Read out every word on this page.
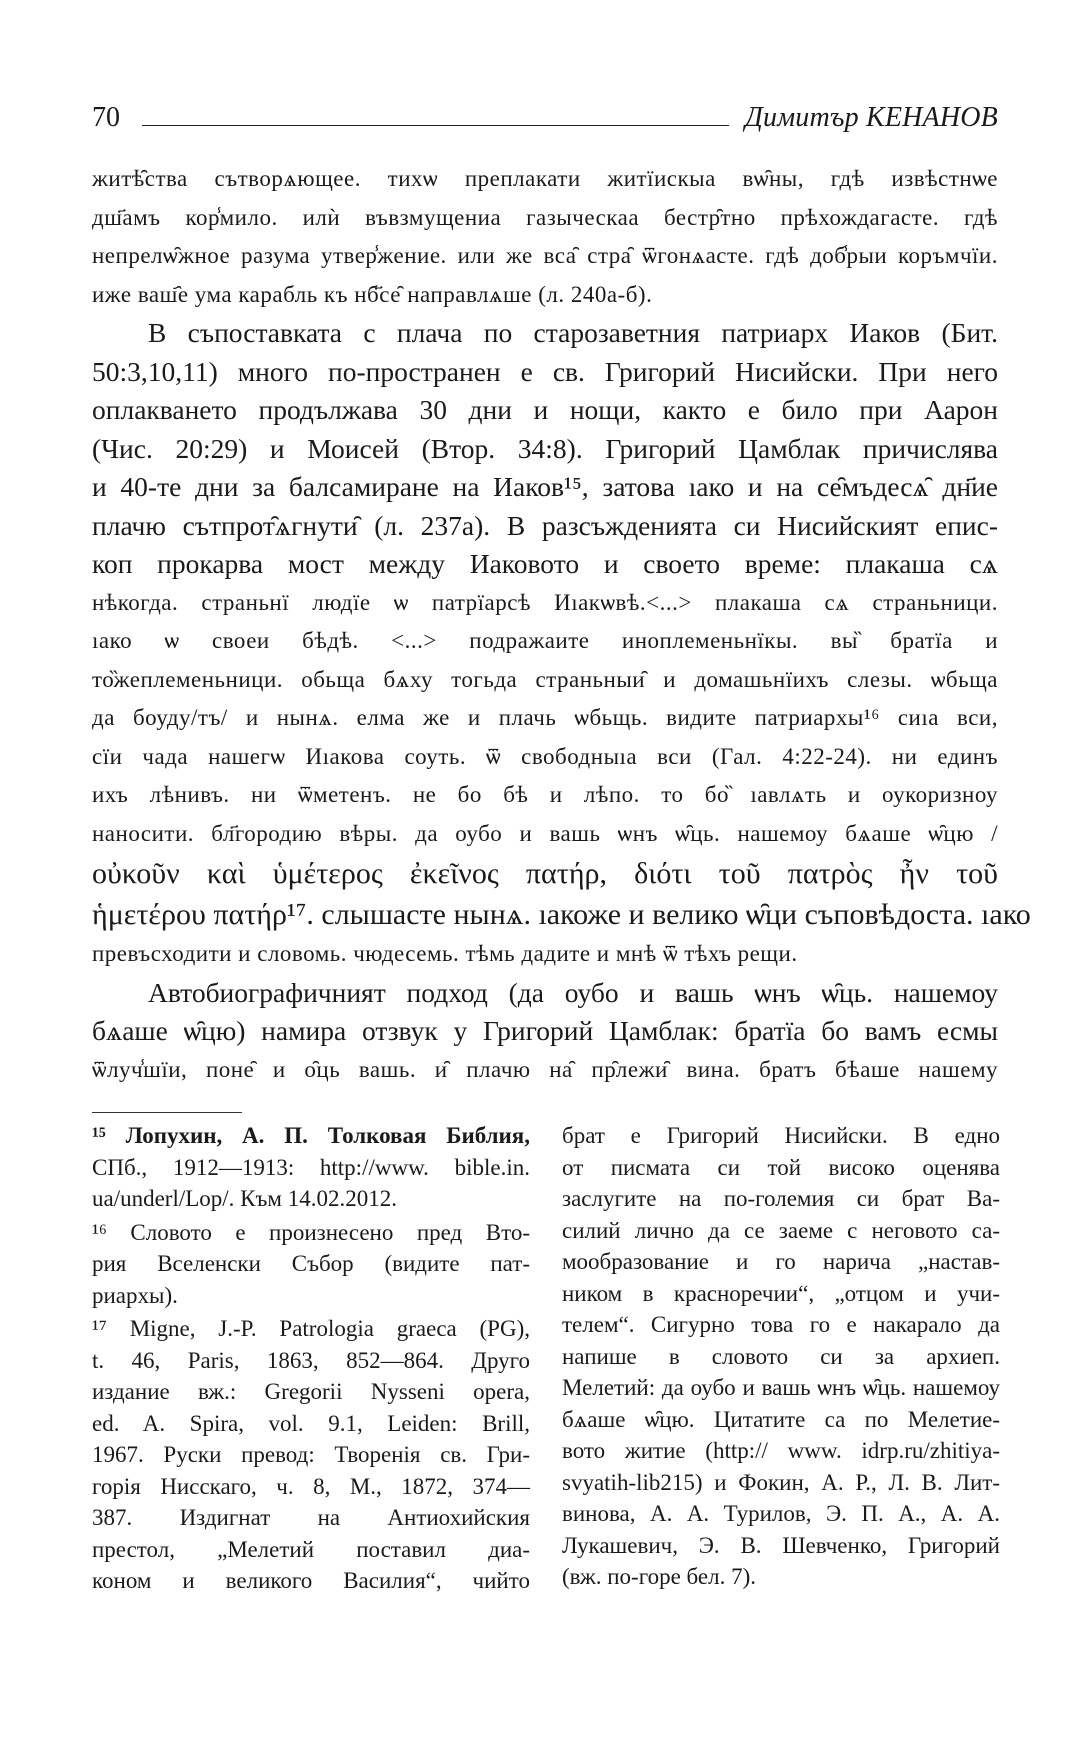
70	Димитър КЕНАНОВ
житѣ̑ства сътворѧющее. тихѡ преплакати житїискыа вѡ̑ны, гдѣ извѣстнѡе
дш҃амъ кор̾мило. илѝ въвзмущениа газыческаа бестр̑тно прѣхождагасте. гдѣ
непрелѡ̑жное разума утвер̾жение. или же вса̑ стра̑ ѿгонѧасте. гдѣ доб̾рыи коръмчїи.
иже ваш҄е ума карабль къ нб҃се̑ направлѧше (л. 240а-б).
В съпоставката с плача по старозаветния патриарх Иаков (Бит.
50:3,10,11) много по-пространен е св. Григорий Нисийски. При него
оплакването продължава 30 дни и нощи, както е било при Аарон
(Чис. 20:29) и Моисей (Втор. 34:8). Григорий Цамблак причислява
и 40-те дни за балсамиране на Иаков¹⁵, затова ıако и на се̑мъдесѧ̑ дн҃ие
плачю сътпрот̑ѧгнути̑ (л. 237а). В разсъжденията си Нисийският епис-
коп прокарва мост между Иаковото и своето време: плакаша сѧ
нѣкогда. страньнї людїе ѡ патрїарсѣ Иıакѡвѣ.<...> плакаша сѧ страньници.
ıако ѡ своеи бѣдѣ. <...> подражаите иноплеменьнїкы. вы̏ братїа и
то̏жеплеменьници. обьща бѧху тогьда страньныи̑ и домашьнїихъ слезы. ѡбьща
да боуду/тъ/ и нынѧ. елма же и плачь ѡбьщь. видите патриархы¹⁶ сиıа вси,
сїи чада нашегѡ Иıакова соуть. ѿ свободныıа вси (Гал. 4:22-24). ни единъ
ихъ лѣнивъ. ни ѿметенъ. не бо бѣ и лѣпо. то бо̏ ıавлѧть и оукоризноу
наносити. бл҃городию вѣры. да оубо и вашь ѡнъ ѡ̑ць. нашемоу бѧаше ѡ̑цю /
οὐκοῦν καὶ ὑμέτερος ἐκεῖνος πατήρ, διότι τοῦ πατρὸς ἦν τοῦ
ἡμετέρου πατήρ¹⁷. слышасте нынѧ. ıакоже и велико ѡ̑ци съповѣдоста. ıако
превъсходити и словомь. чюдесемь. тѣмь дадите и мнѣ ѿ тѣхъ рещи.
Автобиографичният подход (да оубо и вашь ѡнъ ѡ̑ць. нашемоу
бѧаше ѡ̑цю) намира отзвук у Григорий Цамблак: братїа бо вамъ есмы
ѿлуч̾шїи, поне̑ и о̑ць вашь. и̑ плачю на̑ пр̑лежи̑ вина. братъ бѣаше нашему
¹⁵ Лопухин, А. П. Толковая Библия,
СПб., 1912—1913: http://www. bible.in.
ua/underl/Lop/. Към 14.02.2012.
¹⁶ Словото е произнесено пред Вто-
рия Вселенски Събор (видите пат-
риархы).
¹⁷ Migne, J.-P. Patrologia graeca (PG),
t. 46, Paris, 1863, 852—864. Друго
издание вж.: Gregorii Nysseni opera,
ed. A. Spira, vol. 9.1, Leiden: Brill,
1967. Руски превод: Творенія св. Гри-
горія Нисскаго, ч. 8, М., 1872, 374—
387. Издигнат на Антиохийския
престол, „Мелетий поставил диа-
коном и великого Василия“, чийто
брат е Григорий Нисийски. В едно
от писмата си той високо оценява
заслугите на по-големия си брат Ва-
силий лично да се заеме с неговото са-
мообразование и го нарича „настав-
ником в красноречии“, „отцом и учи-
телем“. Сигурно това го е накарало да
напише в словото си за архиеп.
Мелетий: да оубо и вашь ѡнъ ѡ̑ць. нашемоу
бѧаше ѡ̑цю. Цитатите са по Мелетие-
вото житие (http:// www. idrp.ru/zhitiya-
svyatih-lib215) и Фокин, А. Р., Л. В. Лит-
винова, А. А. Турилов, Э. П. А., А. А.
Лукашевич, Э. В. Шевченко, Григорий
(вж. по-горе бел. 7).
